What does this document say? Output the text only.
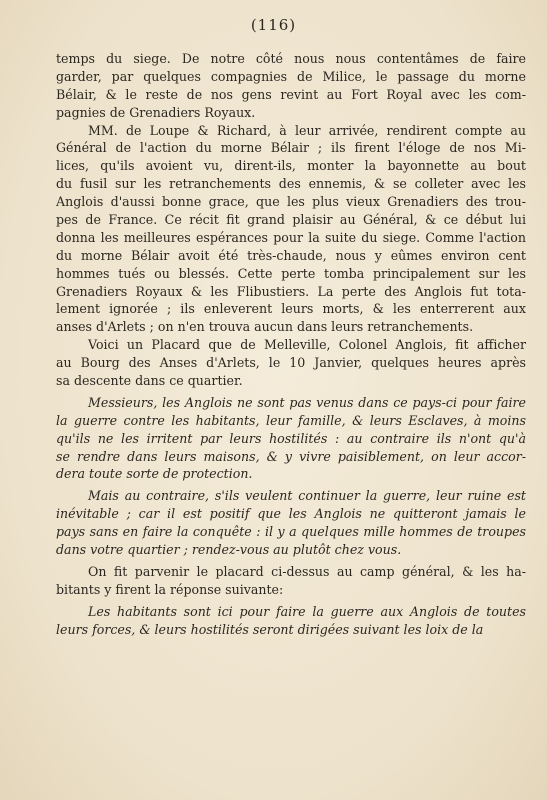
(116)
temps du siege. De notre côté nous nous contentâmes de faire
garder, par quelques compagnies de Milice, le passage du morne
Bélair, & le reste de nos gens revint au Fort Royal avec les com-
pagnies de Grenadiers Royaux.
MM. de Loupe & Richard, à leur arrivée, rendirent compte au
Général de l'action du morne Bélair ; ils firent l'éloge de nos Mi-
lices, qu'ils avoient vu, dirent-ils, monter la bayonnette au bout
du fusil sur les retranchements des ennemis, & se colleter avec les
Anglois d'aussi bonne grace, que les plus vieux Grenadiers des trou-
pes de France. Ce récit fit grand plaisir au Général, & ce début lui
donna les meilleures espérances pour la suite du siege. Comme l'action
du morne Bélair avoit été très-chaude, nous y eûmes environ cent
hommes tués ou blessés. Cette perte tomba principalement sur les
Grenadiers Royaux & les Flibustiers. La perte des Anglois fut tota-
lement ignorée ; ils enleverent leurs morts, & les enterrerent aux
anses d'Arlets ; on n'en trouva aucun dans leurs retranchements.
Voici un Placard que de Melleville, Colonel Anglois, fit afficher
au Bourg des Anses d'Arlets, le 10 Janvier, quelques heures après
sa descente dans ce quartier.
Messieurs, les Anglois ne sont pas venus dans ce pays-ci pour faire
la guerre contre les habitants, leur famille, & leurs Esclaves, à moins
qu'ils ne les irritent par leurs hostilités : au contraire ils n'ont qu'à
se rendre dans leurs maisons, & y vivre paisiblement, on leur accor-
dera toute sorte de protection.
Mais au contraire, s'ils veulent continuer la guerre, leur ruine est
inévitable ; car il est positif que les Anglois ne quitteront jamais le
pays sans en faire la conquête : il y a quelques mille hommes de troupes
dans votre quartier ; rendez-vous au plutôt chez vous.
On fit parvenir le placard ci-dessus au camp général, & les ha-
bitants y firent la réponse suivante:
Les habitants sont ici pour faire la guerre aux Anglois de toutes
leurs forces, & leurs hostilités seront dirigées suivant les loix de la
